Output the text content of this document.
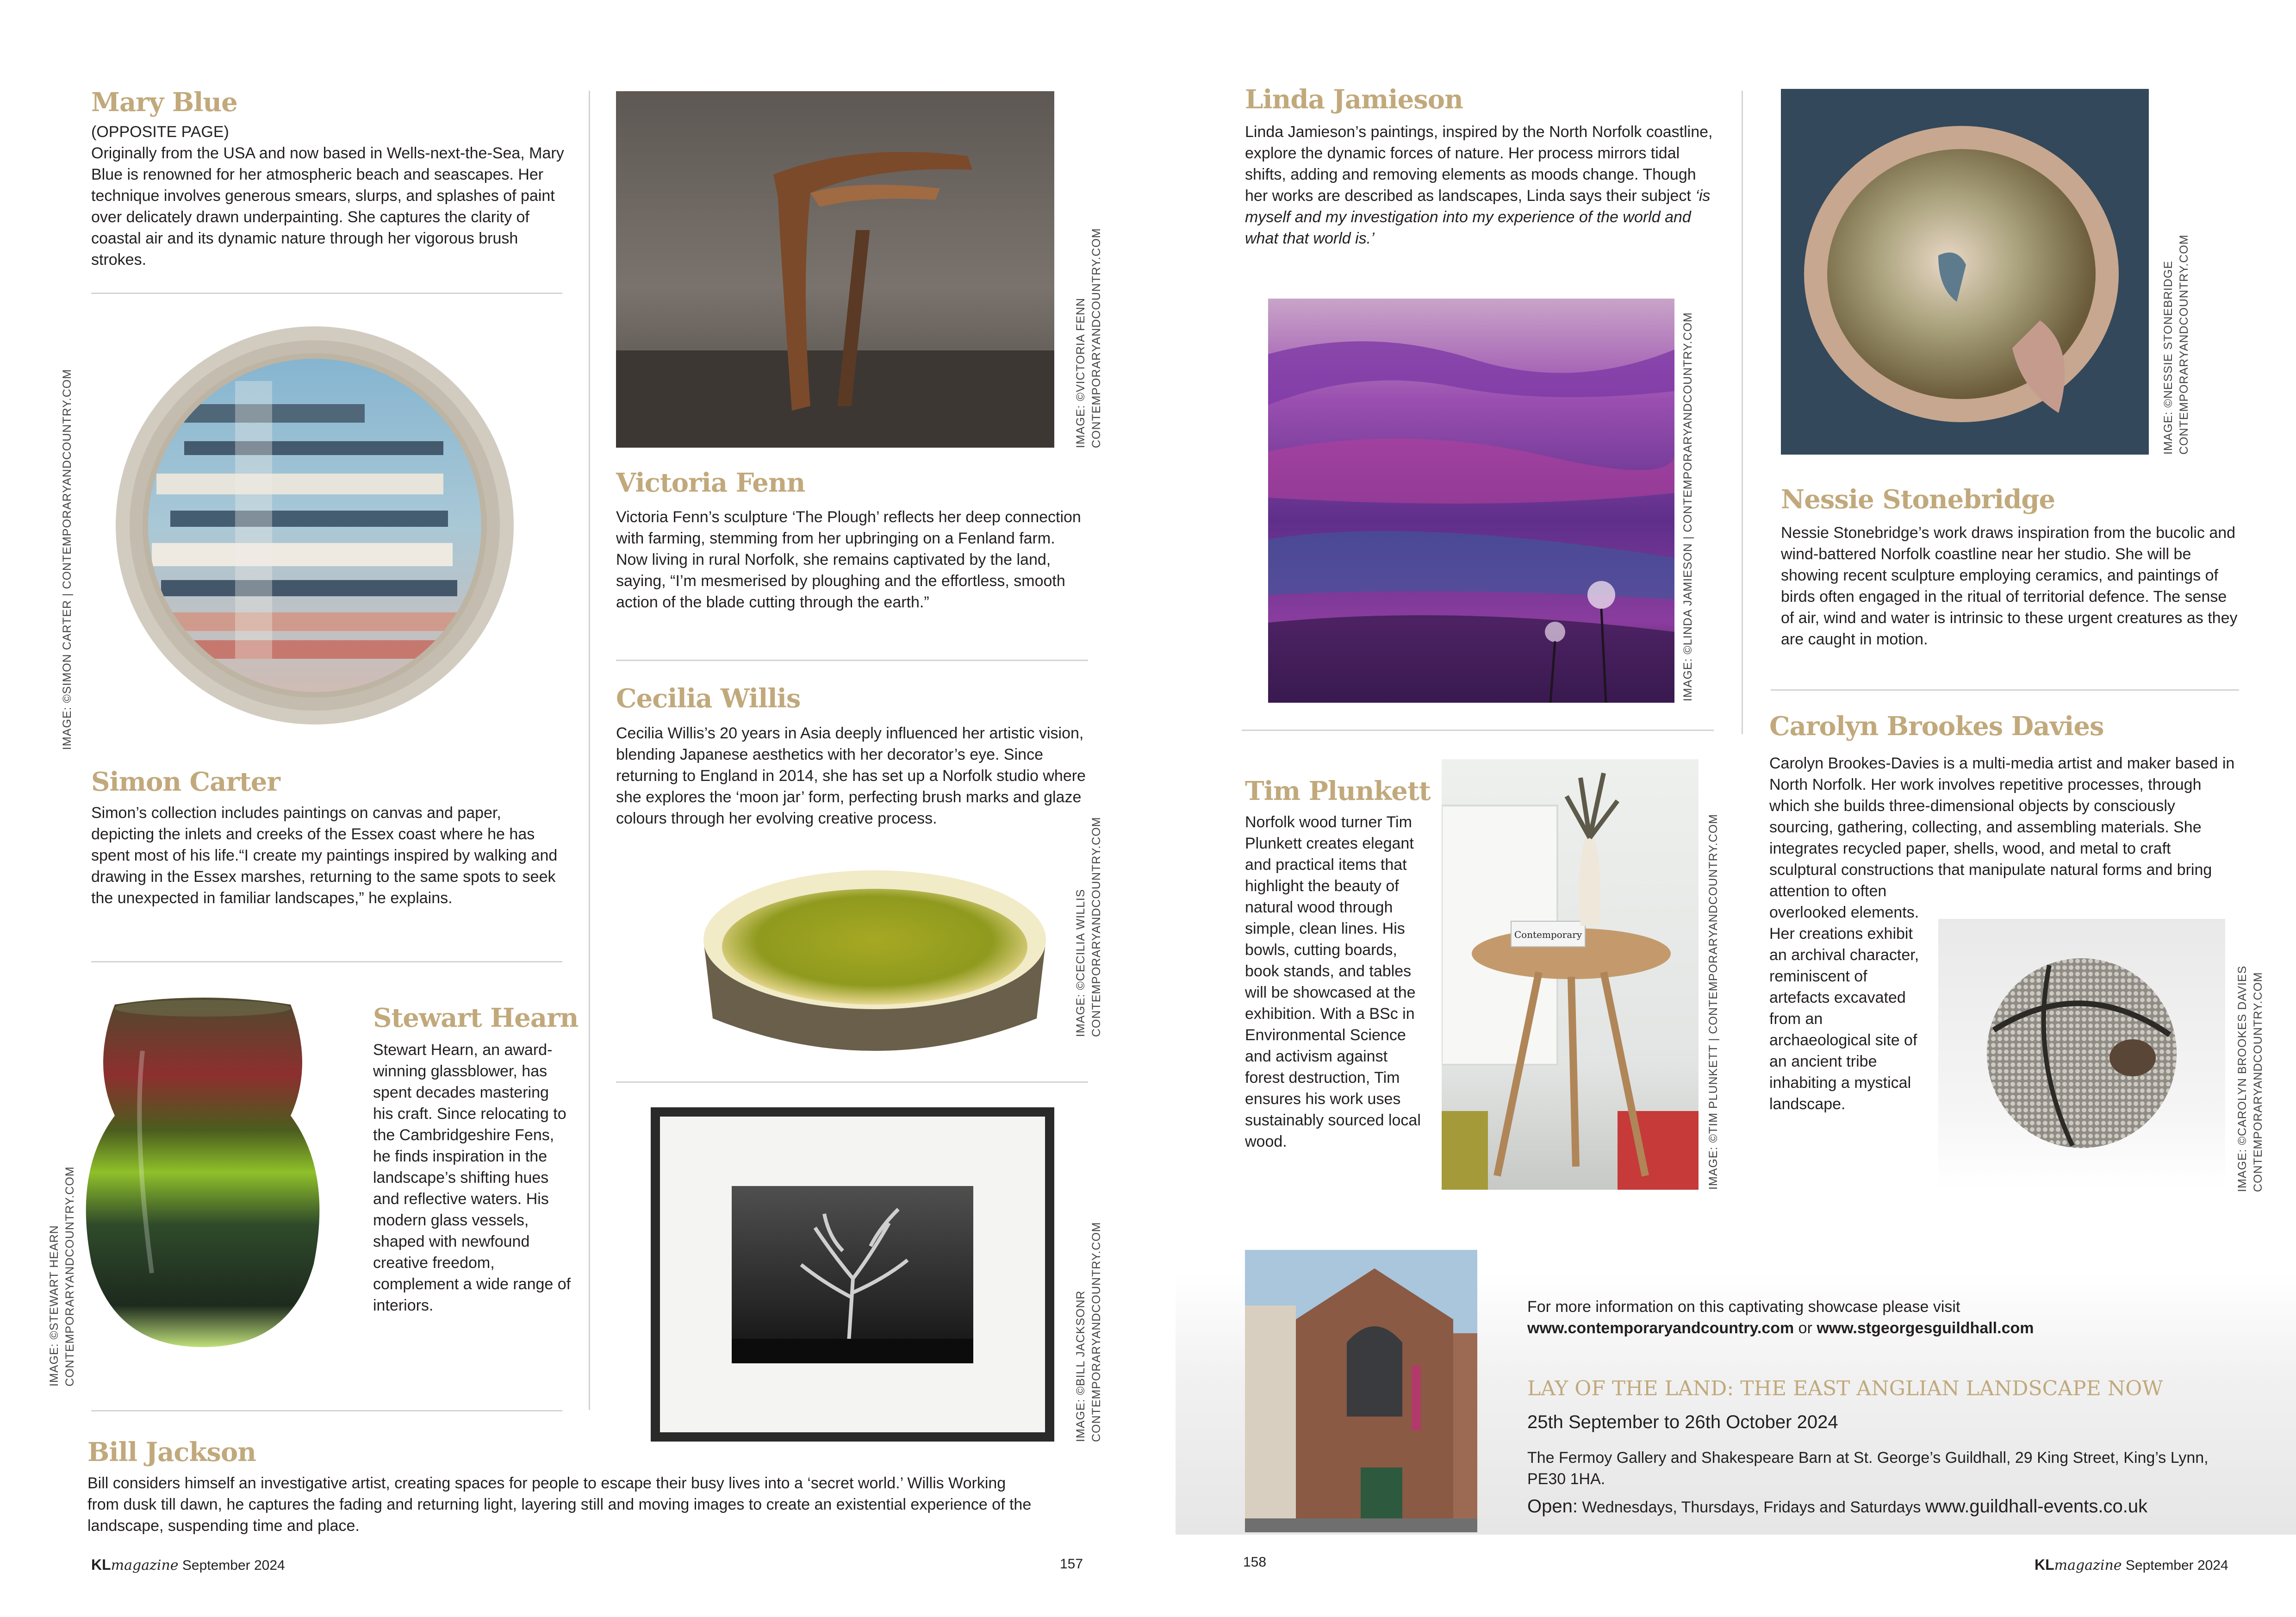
Mary Blue
(OPPOSITE PAGE)
Originally from the USA and now based in Wells-next-the-Sea, Mary Blue is renowned for her atmospheric beach and seascapes. Her technique involves generous smears, slurps, and splashes of paint over delicately drawn underpainting. She captures the clarity of coastal air and its dynamic nature through her vigorous brush strokes.
IMAGE: ©SIMON CARTER | CONTEMPORARYANDCOUNTRY.COM
Simon Carter
Simon’s collection includes paintings on canvas and paper, depicting the inlets and creeks of the Essex coast where he has spent most of his life.“I create my paintings inspired by walking and drawing in the Essex marshes, returning to the same spots to seek the unexpected in familiar landscapes,” he explains.
IMAGE: ©STEWART HEARN CONTEMPORARYANDCOUNTRY.COM
Stewart Hearn
Stewart Hearn, an award-winning glassblower, has spent decades mastering his craft. Since relocating to the Cambridgeshire Fens, he finds inspiration in the landscape’s shifting hues and reflective waters. His modern glass vessels, shaped with newfound creative freedom, complement a wide range of interiors.
IMAGE: ©VICTORIA FENN CONTEMPORARYANDCOUNTRY.COM
Victoria Fenn
Victoria Fenn’s sculpture ‘The Plough’ reflects her deep connection with farming, stemming from her upbringing on a Fenland farm. Now living in rural Norfolk, she remains captivated by the land, saying, “I’m mesmerised by ploughing and the effortless, smooth action of the blade cutting through the earth.”
Cecilia Willis
Cecilia Willis’s 20 years in Asia deeply influenced her artistic vision, blending Japanese aesthetics with her decorator’s eye. Since returning to England in 2014, she has set up a Norfolk studio where she explores the ‘moon jar’ form, perfecting brush marks and glaze colours through her evolving creative process.
IMAGE: ©CECILIA WILLIS CONTEMPORARYANDCOUNTRY.COM
IMAGE: ©BILL JACKSONR CONTEMPORARYANDCOUNTRY.COM
Bill Jackson
Bill considers himself an investigative artist, creating spaces for people to escape their busy lives into a ‘secret world.’ Willis Working from dusk till dawn, he captures the fading and returning light, layering still and moving images to create an existential experience of the landscape, suspending time and place.
KLmagazine September 2024	157
Linda Jamieson
Linda Jamieson’s paintings, inspired by the North Norfolk coastline, explore the dynamic forces of nature. Her process mirrors tidal shifts, adding and removing elements as moods change. Though her works are described as landscapes, Linda says their subject ‘is myself and my investigation into my experience of the world and what that world is.’
IMAGE: ©LINDA JAMIESON | CONTEMPORARYANDCOUNTRY.COM	IMAGE: ©NESSIE STONEBRIDGE CONTEMPORARYANDCOUNTRY.COM
Nessie Stonebridge
Nessie Stonebridge’s work draws inspiration from the bucolic and wind-battered Norfolk coastline near her studio. She will be showing recent sculpture employing ceramics, and paintings of birds often engaged in the ritual of territorial defence. The sense of air, wind and water is intrinsic to these urgent creatures as they are caught in motion.
Tim Plunkett
Norfolk wood turner Tim Plunkett creates elegant and practical items that highlight the beauty of natural wood through simple, clean lines. His bowls, cutting boards, book stands, and tables will be showcased at the exhibition. With a BSc in Environmental Science and activism against forest destruction, Tim ensures his work uses sustainably sourced local wood.
Contemporary	IMAGE: ©TIM PLUNKETT | CONTEMPORARYANDCOUNTRY.COM
Carolyn Brookes Davies
Carolyn Brookes-Davies is a multi-media artist and maker based in North Norfolk. Her work involves repetitive processes, through which she builds three-dimensional objects by consciously sourcing, gathering, collecting, and assembling materials. She integrates recycled paper, shells, wood, and metal to craft sculptural constructions that manipulate natural forms and bring attention to often
overlooked elements. Her creations exhibit an archival character, reminiscent of artefacts excavated from an archaeological site of an ancient tribe inhabiting a mystical landscape.	IMAGE: ©CAROLYN BROOKES DAVIES CONTEMPORARYANDCOUNTRY.COM
For more information on this captivating showcase please visit
www.contemporaryandcountry.com or www.stgeorgesguildhall.com
LAY OF THE LAND: THE EAST ANGLIAN LANDSCAPE NOW
25th September to 26th October 2024
The Fermoy Gallery and Shakespeare Barn at St. George’s Guildhall, 29 King Street, King’s Lynn, PE30 1HA.
Open: Wednesdays, Thursdays, Fridays and Saturdays www.guildhall-events.co.uk
158	KLmagazine September 2024
